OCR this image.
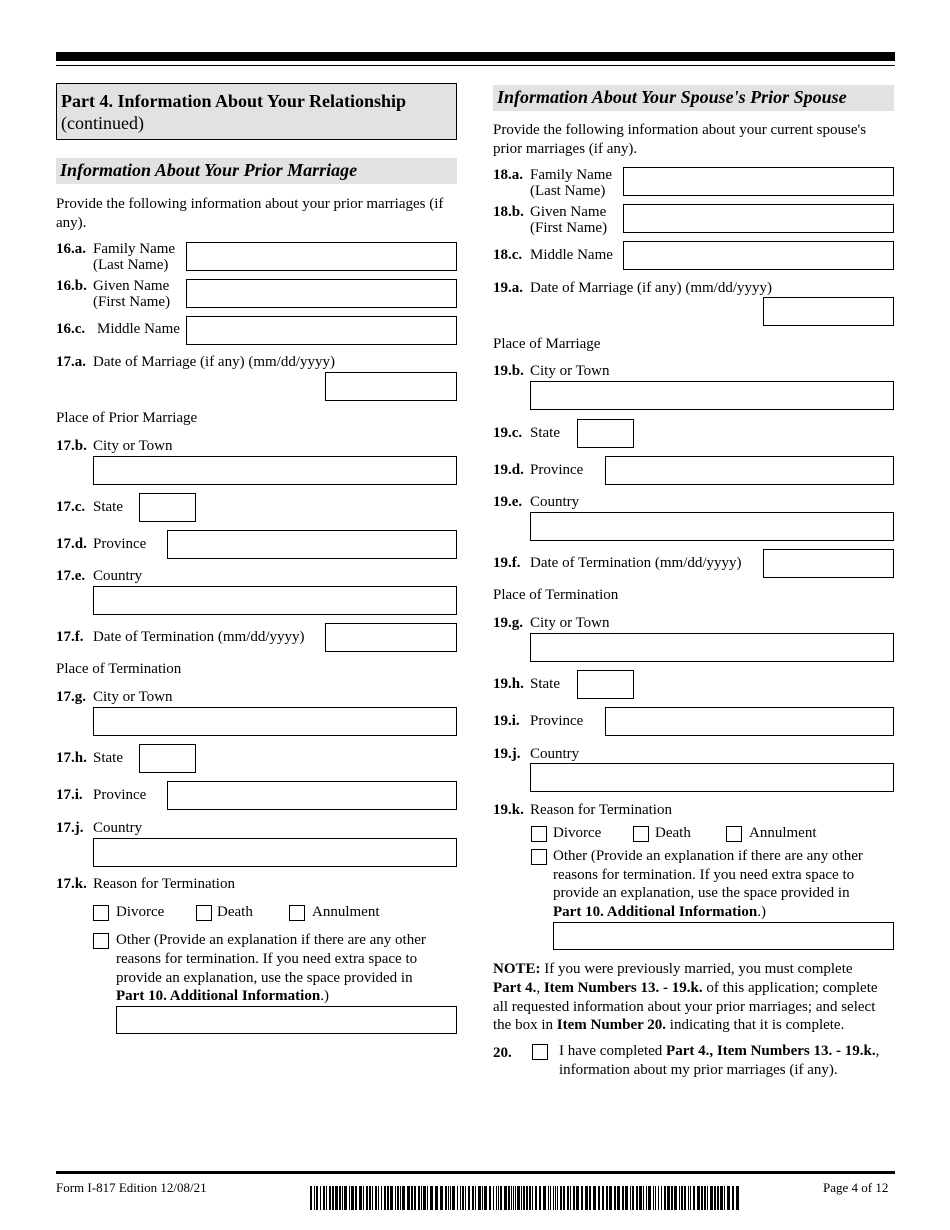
Part 4. Information About Your Relationship
(continued)
Information About Your Prior Marriage
Provide the following information about your prior marriages (if any).
16.a. Family Name
(Last Name)
16.b. Given Name
(First Name)
16.c. Middle Name
17.a. Date of Marriage (if any) (mm/dd/yyyy)
Place of Prior Marriage
17.b. City or Town
17.c. State
17.d. Province
17.e. Country
17.f. Date of Termination (mm/dd/yyyy)
Place of Termination
17.g. City or Town
17.h. State
17.i. Province
17.j. Country
17.k. Reason for Termination
Divorce	Death	Annulment
Other (Provide an explanation if there are any other
reasons for termination. If you need extra space to
provide an explanation, use the space provided in
Part 10. Additional Information.)
Information About Your Spouse's Prior Spouse
Provide the following information about your current spouse's prior marriages (if any).
18.a. Family Name
(Last Name)
18.b. Given Name
(First Name)
18.c. Middle Name
19.a. Date of Marriage (if any) (mm/dd/yyyy)
Place of Marriage
19.b. City or Town
19.c. State
19.d. Province
19.e. Country
19.f. Date of Termination (mm/dd/yyyy)
Place of Termination
19.g. City or Town
19.h. State
19.i. Province
19.j. Country
19.k. Reason for Termination
Divorce	Death	Annulment
Other (Provide an explanation if there are any other
reasons for termination. If you need extra space to
provide an explanation, use the space provided in
Part 10. Additional Information.)
NOTE: If you were previously married, you must complete
Part 4., Item Numbers 13. - 19.k. of this application; complete
all requested information about your prior marriages; and select
the box in Item Number 20. indicating that it is complete.
20.	I have completed Part 4., Item Numbers 13. - 19.k.,
information about my prior marriages (if any).
Form I-817 Edition 12/08/21	Page 4 of 12
